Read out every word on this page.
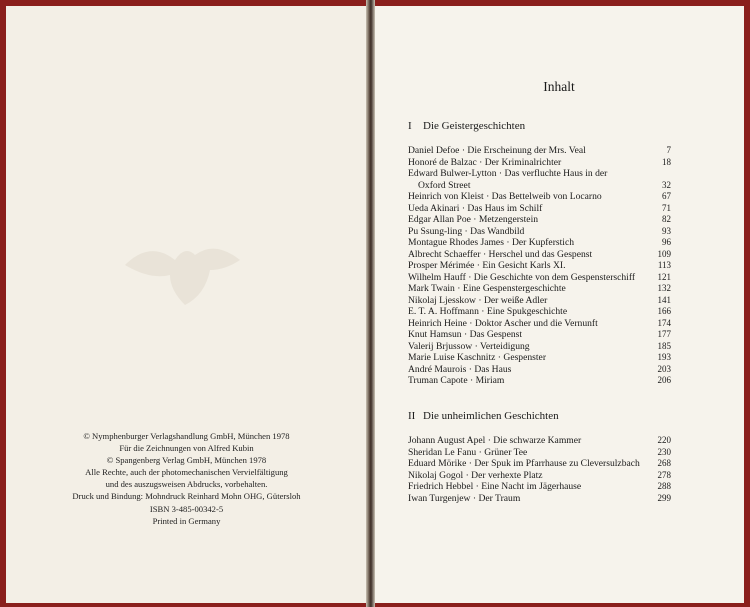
© Nymphenburger Verlagshandlung GmbH, München 1978
Für die Zeichnungen von Alfred Kubin
© Spangenberg Verlag GmbH, München 1978
Alle Rechte, auch der photomechanischen Vervielfältigung
und des auszugsweisen Abdrucks, vorbehalten.
Druck und Bindung: Mohndruck Reinhard Mohn OHG, Gütersloh
ISBN 3-485-00342-5
Printed in Germany
Inhalt
I Die Geistergeschichten
Daniel Defoe · Die Erscheinung der Mrs. Veal	7
Honoré de Balzac · Der Kriminalrichter	18
Edward Bulwer-Lytton · Das verfluchte Haus in der
Oxford Street	32
Heinrich von Kleist · Das Bettelweib von Locarno	67
Ueda Akinari · Das Haus im Schilf	71
Edgar Allan Poe · Metzengerstein	82
Pu Ssung-ling · Das Wandbild	93
Montague Rhodes James · Der Kupferstich	96
Albrecht Schaeffer · Herschel und das Gespenst	109
Prosper Mérimée · Ein Gesicht Karls XI.	113
Wilhelm Hauff · Die Geschichte von dem Gespensterschiff 121
Mark Twain · Eine Gespenstergeschichte	132
Nikolaj Ljesskow · Der weiße Adler	141
E. T. A. Hoffmann · Eine Spukgeschichte	166
Heinrich Heine · Doktor Ascher und die Vernunft	174
Knut Hamsun · Das Gespenst	177
Valerij Brjussow · Verteidigung	185
Marie Luise Kaschnitz · Gespenster	193
André Maurois · Das Haus	203
Truman Capote · Miriam	206
II Die unheimlichen Geschichten
Johann August Apel · Die schwarze Kammer	220
Sheridan Le Fanu · Grüner Tee	230
Eduard Mörike · Der Spuk im Pfarrhause zu Cleversulzbach 268
Nikolaj Gogol · Der verhexte Platz	278
Friedrich Hebbel · Eine Nacht im Jägerhause	288
Iwan Turgenjew · Der Traum	299
